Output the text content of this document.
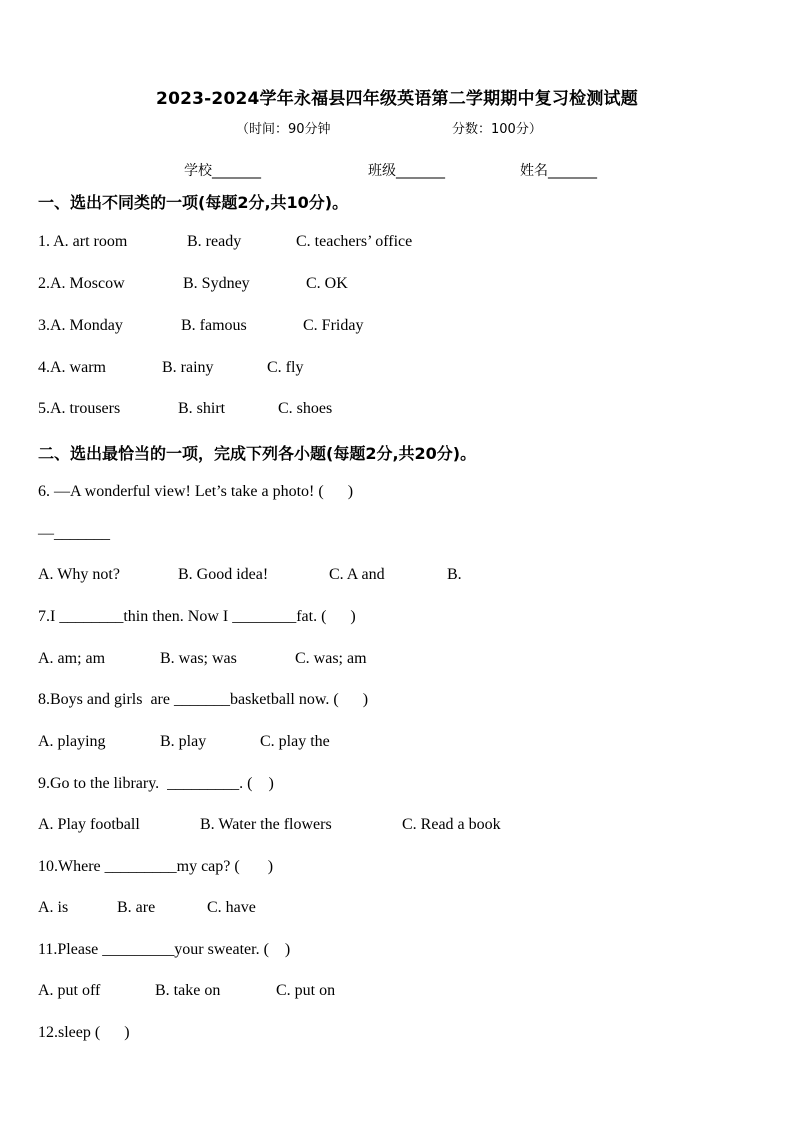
2023-2024学年永福县四年级英语第二学期期中复习检测试题
（时间：90分钟	分数：100分）
学校_______	班级_______	姓名_______
一、选出不同类的一项(每题2分,共10分)。
1. A. art room	B. ready	C. teachers’ office
2.A. Moscow	B. Sydney	C. OK
3.A. Monday	B. famous	C. Friday
4.A. warm	B. rainy	C. fly
5.A. trousers	B. shirt	C. shoes
二、选出最恰当的一项，完成下列各小题(每题2分,共20分)。
6. —A wonderful view! Let’s take a photo! (      )
—_______
A. Why not?	B. Good idea!	C. A and	B.
7.I ________thin then. Now I ________fat. (      )
A. am; am	B. was; was	C. was; am
8.Boys and girls  are _______basketball now. (      )
A. playing	B. play	C. play the
9.Go to the library.  _________. (    )
A. Play football	B. Water the flowers	C. Read a book
10.Where _________my cap? (       )
A. is	B. are	C. have
11.Please _________your sweater. (    )
A. put off	B. take on	C. put on
12.sleep (      )
